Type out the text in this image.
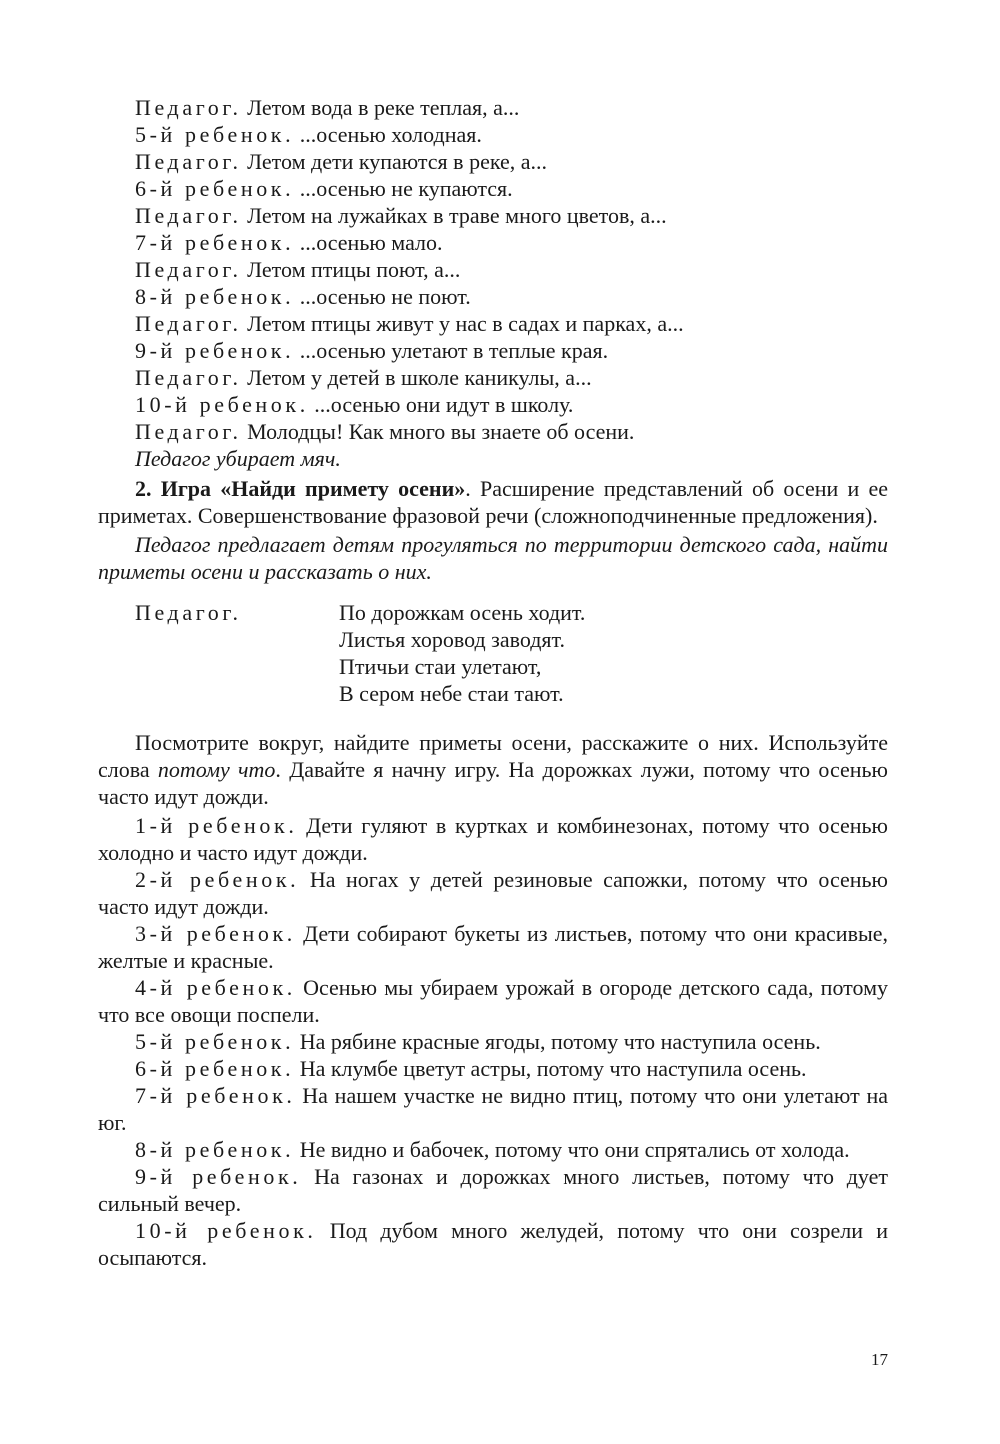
Педагог. Летом вода в реке теплая, а...
5-й ребенок. ...осенью холодная.
Педагог. Летом дети купаются в реке, а...
6-й ребенок. ...осенью не купаются.
Педагог. Летом на лужайках в траве много цветов, а...
7-й ребенок. ...осенью мало.
Педагог. Летом птицы поют, а...
8-й ребенок. ...осенью не поют.
Педагог. Летом птицы живут у нас в садах и парках, а...
9-й ребенок. ...осенью улетают в теплые края.
Педагог. Летом у детей в школе каникулы, а...
10-й ребенок. ...осенью они идут в школу.
Педагог. Молодцы! Как много вы знаете об осени.
Педагог убирает мяч.
2. Игра «Найди примету осени». Расширение представлений об осени и ее приметах. Совершенствование фразовой речи (сложноподчиненные предложения).
Педагог предлагает детям прогуляться по территории детского сада, найти приметы осени и рассказать о них.
Педагог.	По дорожкам осень ходит.
Листья хоровод заводят.
Птичьи стаи улетают,
В сером небе стаи тают.
Посмотрите вокруг, найдите приметы осени, расскажите о них. Используйте слова потому что. Давайте я начну игру. На дорожках лужи, потому что осенью часто идут дожди.
1-й ребенок. Дети гуляют в куртках и комбинезонах, потому что осенью холодно и часто идут дожди.
2-й ребенок. На ногах у детей резиновые сапожки, потому что осенью часто идут дожди.
3-й ребенок. Дети собирают букеты из листьев, потому что они красивые, желтые и красные.
4-й ребенок. Осенью мы убираем урожай в огороде детского сада, потому что все овощи поспели.
5-й ребенок. На рябине красные ягоды, потому что наступила осень.
6-й ребенок. На клумбе цветут астры, потому что наступила осень.
7-й ребенок. На нашем участке не видно птиц, потому что они улетают на юг.
8-й ребенок. Не видно и бабочек, потому что они спрятались от холода.
9-й ребенок. На газонах и дорожках много листьев, потому что дует сильный вечер.
10-й ребенок. Под дубом много желудей, потому что они созрели и осыпаются.
17
